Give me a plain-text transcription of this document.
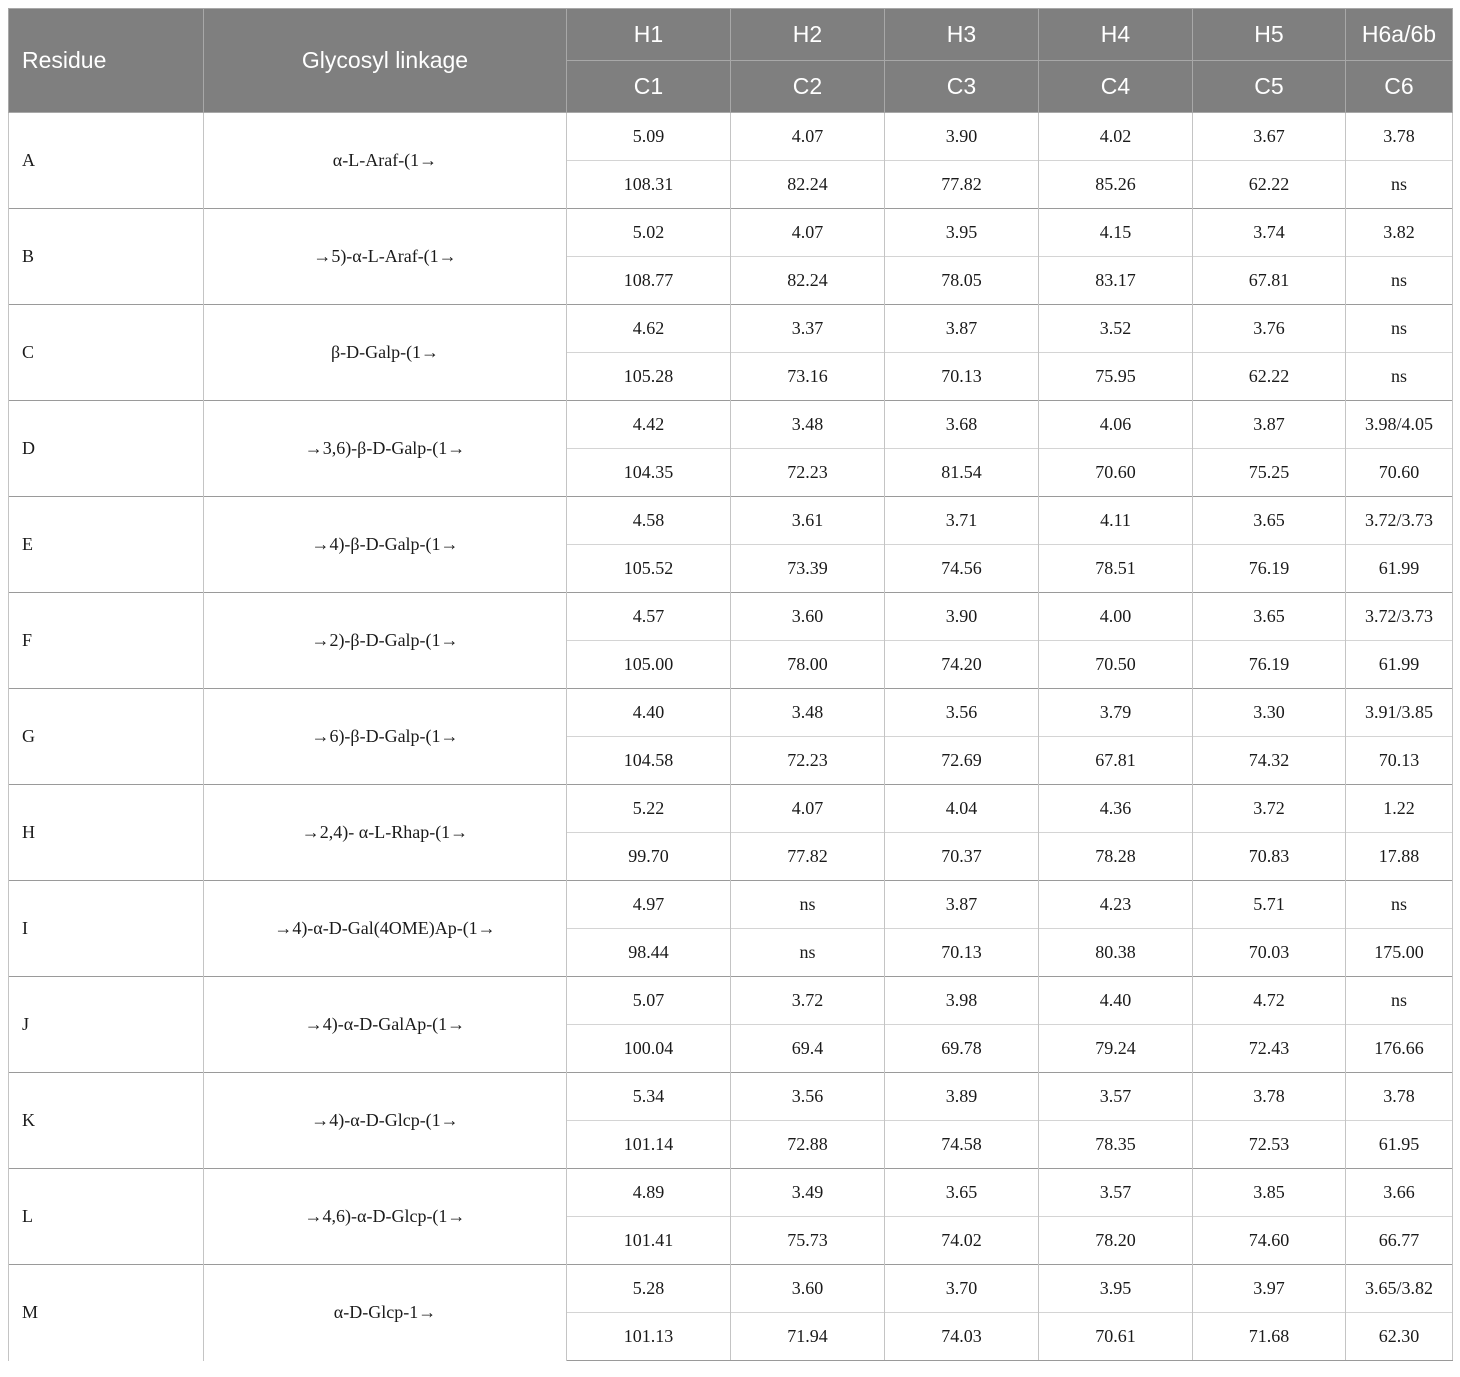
Residue	Glycosyl linkage	H1	H2	H3	H4	H5	H6a/6b
		C1	C2	C3	C4	C5	C6
A	α-L-Araf-(1→	5.09	4.07	3.90	4.02	3.67	3.78
		108.31	82.24	77.82	85.26	62.22	ns
B	→5)-α-L-Araf-(1→	5.02	4.07	3.95	4.15	3.74	3.82
		108.77	82.24	78.05	83.17	67.81	ns
C	β-D-Galp-(1→	4.62	3.37	3.87	3.52	3.76	ns
		105.28	73.16	70.13	75.95	62.22	ns
D	→3,6)-β-D-Galp-(1→	4.42	3.48	3.68	4.06	3.87	3.98/4.05
		104.35	72.23	81.54	70.60	75.25	70.60
E	→4)-β-D-Galp-(1→	4.58	3.61	3.71	4.11	3.65	3.72/3.73
		105.52	73.39	74.56	78.51	76.19	61.99
F	→2)-β-D-Galp-(1→	4.57	3.60	3.90	4.00	3.65	3.72/3.73
		105.00	78.00	74.20	70.50	76.19	61.99
G	→6)-β-D-Galp-(1→	4.40	3.48	3.56	3.79	3.30	3.91/3.85
		104.58	72.23	72.69	67.81	74.32	70.13
H	→2,4)- α-L-Rhap-(1→	5.22	4.07	4.04	4.36	3.72	1.22
		99.70	77.82	70.37	78.28	70.83	17.88
I	→4)-α-D-Gal(4OME)Ap-(1→	4.97	ns	3.87	4.23	5.71	ns
		98.44	ns	70.13	80.38	70.03	175.00
J	→4)-α-D-GalAp-(1→	5.07	3.72	3.98	4.40	4.72	ns
		100.04	69.4	69.78	79.24	72.43	176.66
K	→4)-α-D-Glcp-(1→	5.34	3.56	3.89	3.57	3.78	3.78
		101.14	72.88	74.58	78.35	72.53	61.95
L	→4,6)-α-D-Glcp-(1→	4.89	3.49	3.65	3.57	3.85	3.66
		101.41	75.73	74.02	78.20	74.60	66.77
M	α-D-Glcp-1→	5.28	3.60	3.70	3.95	3.97	3.65/3.82
		101.13	71.94	74.03	70.61	71.68	62.30
